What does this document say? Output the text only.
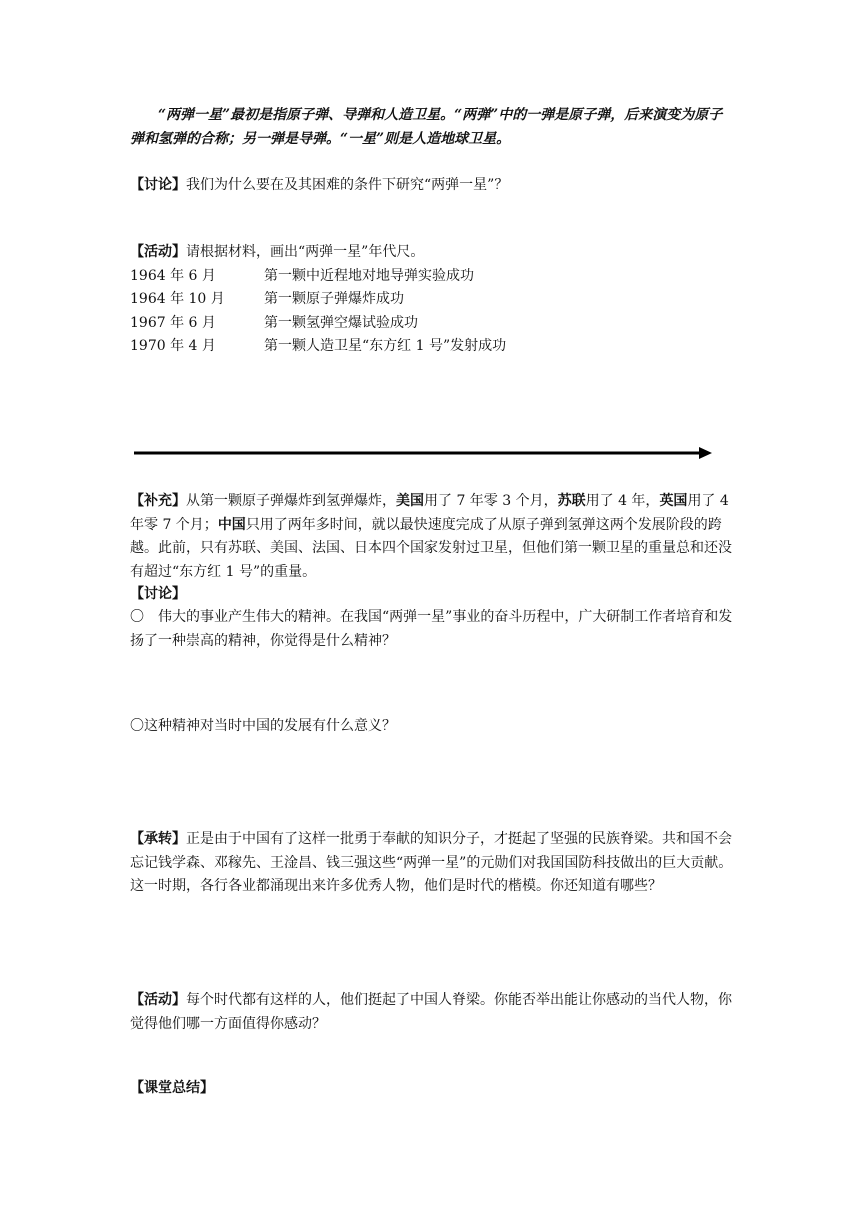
“两弹一星”最初是指原子弹、导弹和人造卫星。“两弹”中的一弹是原子弹，后来演变为原子弹和氢弹的合称；另一弹是导弹。“一星”则是人造地球卫星。
【讨论】我们为什么要在及其困难的条件下研究“两弹一星”？
【活动】请根据材料，画出“两弹一星”年代尺。
1964 年 6 月	第一颗中近程地对地导弹实验成功
1964 年 10 月	第一颗原子弹爆炸成功
1967 年 6 月	第一颗氢弹空爆试验成功
1970 年 4 月	第一颗人造卫星“东方红 1 号”发射成功
【补充】从第一颗原子弹爆炸到氢弹爆炸，美国用了 7 年零 3 个月，苏联用了 4 年，英国用了 4 年零 7 个月；中国只用了两年多时间，就以最快速度完成了从原子弹到氢弹这两个发展阶段的跨越。此前，只有苏联、美国、法国、日本四个国家发射过卫星，但他们第一颗卫星的重量总和还没有超过“东方红 1 号”的重量。
【讨论】
〇　伟大的事业产生伟大的精神。在我国“两弹一星”事业的奋斗历程中，广大研制工作者培育和发扬了一种崇高的精神，你觉得是什么精神？
〇这种精神对当时中国的发展有什么意义？
【承转】正是由于中国有了这样一批勇于奉献的知识分子，才挺起了坚强的民族脊梁。共和国不会忘记钱学森、邓稼先、王淦昌、钱三强这些“两弹一星”的元勋们对我国国防科技做出的巨大贡献。这一时期，各行各业都涌现出来许多优秀人物，他们是时代的楷模。你还知道有哪些？
【活动】每个时代都有这样的人，他们挺起了中国人脊梁。你能否举出能让你感动的当代人物，你觉得他们哪一方面值得你感动？
【课堂总结】
